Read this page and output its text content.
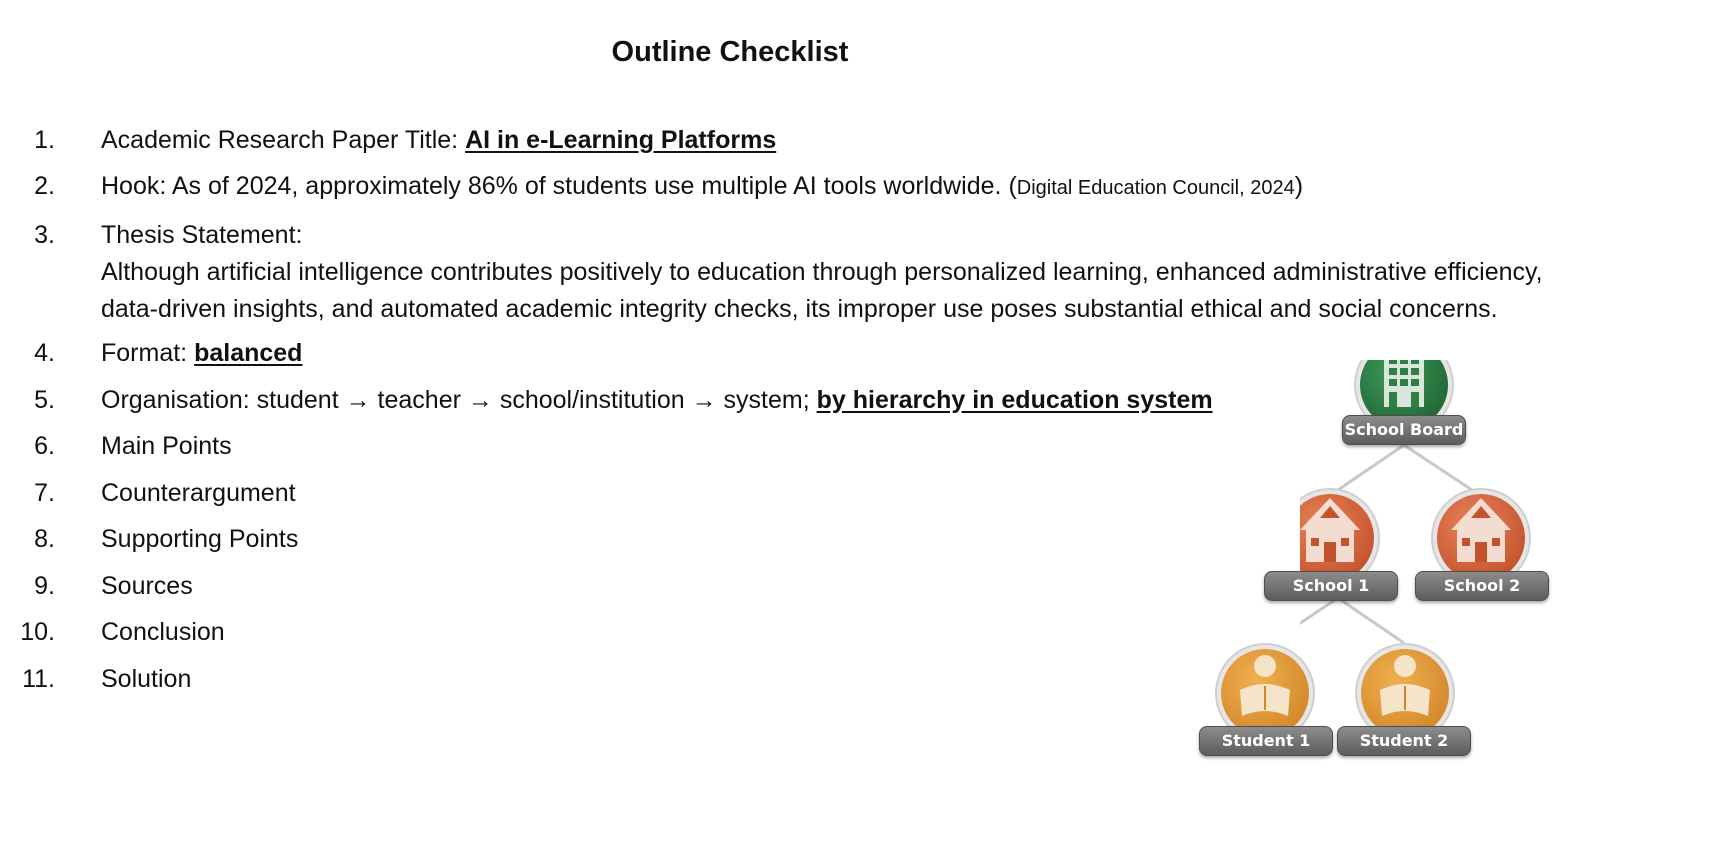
Outline Checklist
1. Academic Research Paper Title: AI in e-Learning Platforms
2. Hook: As of 2024, approximately 86% of students use multiple AI tools worldwide. (Digital Education Council, 2024)
3. Thesis Statement:
Although artificial intelligence contributes positively to education through personalized learning, enhanced administrative efficiency, data-driven insights, and automated academic integrity checks, its improper use poses substantial ethical and social concerns.
4. Format: balanced
5. Organisation: student → teacher → school/institution → system; by hierarchy in education system
6. Main Points
7. Counterargument
8. Supporting Points
9. Sources
10. Conclusion
11. Solution
School Board
School 1	School 2
Student 1	Student 2
